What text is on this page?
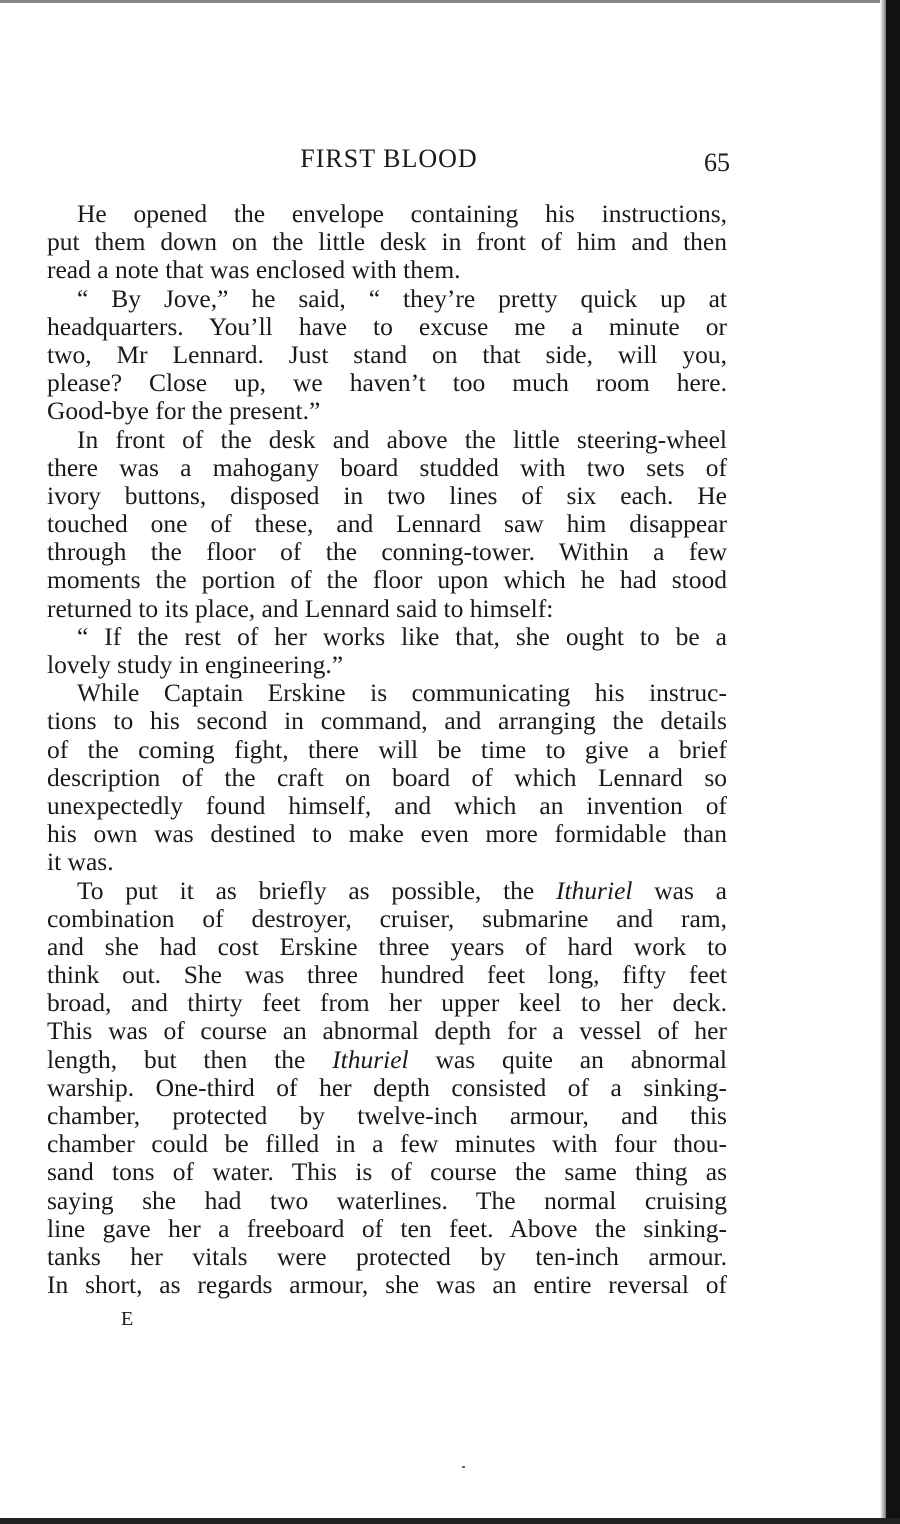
FIRST BLOOD	65
He opened the envelope containing his instructions,
put them down on the little desk in front of him and then
read a note that was enclosed with them.
“ By Jove,” he said, “ they’re pretty quick up at
headquarters. You’ll have to excuse me a minute or
two, Mr Lennard. Just stand on that side, will you,
please? Close up, we haven’t too much room here.
Good-bye for the present.”
In front of the desk and above the little steering-wheel
there was a mahogany board studded with two sets of
ivory buttons, disposed in two lines of six each. He
touched one of these, and Lennard saw him disappear
through the floor of the conning-tower. Within a few
moments the portion of the floor upon which he had stood
returned to its place, and Lennard said to himself:
“ If the rest of her works like that, she ought to be a
lovely study in engineering.”
While Captain Erskine is communicating his instruc-
tions to his second in command, and arranging the details
of the coming fight, there will be time to give a brief
description of the craft on board of which Lennard so
unexpectedly found himself, and which an invention of
his own was destined to make even more formidable than
it was.
To put it as briefly as possible, the Ithuriel was a
combination of destroyer, cruiser, submarine and ram,
and she had cost Erskine three years of hard work to
think out. She was three hundred feet long, fifty feet
broad, and thirty feet from her upper keel to her deck.
This was of course an abnormal depth for a vessel of her
length, but then the Ithuriel was quite an abnormal
warship. One-third of her depth consisted of a sinking-
chamber, protected by twelve-inch armour, and this
chamber could be filled in a few minutes with four thou-
sand tons of water. This is of course the same thing as
saying she had two waterlines. The normal cruising
line gave her a freeboard of ten feet. Above the sinking-
tanks her vitals were protected by ten-inch armour.
In short, as regards armour, she was an entire reversal of
E
